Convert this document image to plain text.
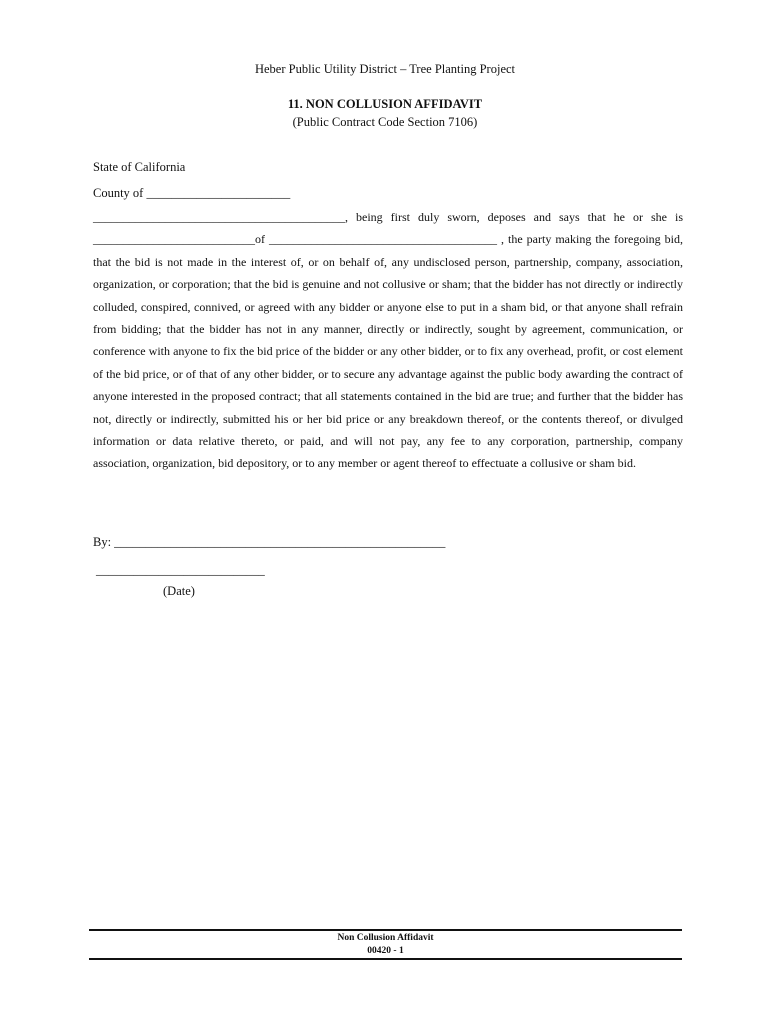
Heber Public Utility District – Tree Planting Project
11. NON COLLUSION AFFIDAVIT
(Public Contract Code Section 7106)
State of California
County of _______________________
__________________________________________, being first duly sworn, deposes and says that he or she is ___________________________of ______________________________________ , the party making the foregoing bid, that the bid is not made in the interest of, or on behalf of, any undisclosed person, partnership, company, association, organization, or corporation; that the bid is genuine and not collusive or sham; that the bidder has not directly or indirectly colluded, conspired, connived, or agreed with any bidder or anyone else to put in a sham bid, or that anyone shall refrain from bidding; that the bidder has not in any manner, directly or indirectly, sought by agreement, communication, or conference with anyone to fix the bid price of the bidder or any other bidder, or to fix any overhead, profit, or cost element of the bid price, or of that of any other bidder, or to secure any advantage against the public body awarding the contract of anyone interested in the proposed contract; that all statements contained in the bid are true; and further that the bidder has not, directly or indirectly, submitted his or her bid price or any breakdown thereof, or the contents thereof, or divulged information or data relative thereto, or paid, and will not pay, any fee to any corporation, partnership, company association, organization, bid depository, or to any member or agent thereof to effectuate a collusive or sham bid.
By: _____________________________________________________
___________________________
(Date)
Non Collusion Affidavit
00420 - 1
